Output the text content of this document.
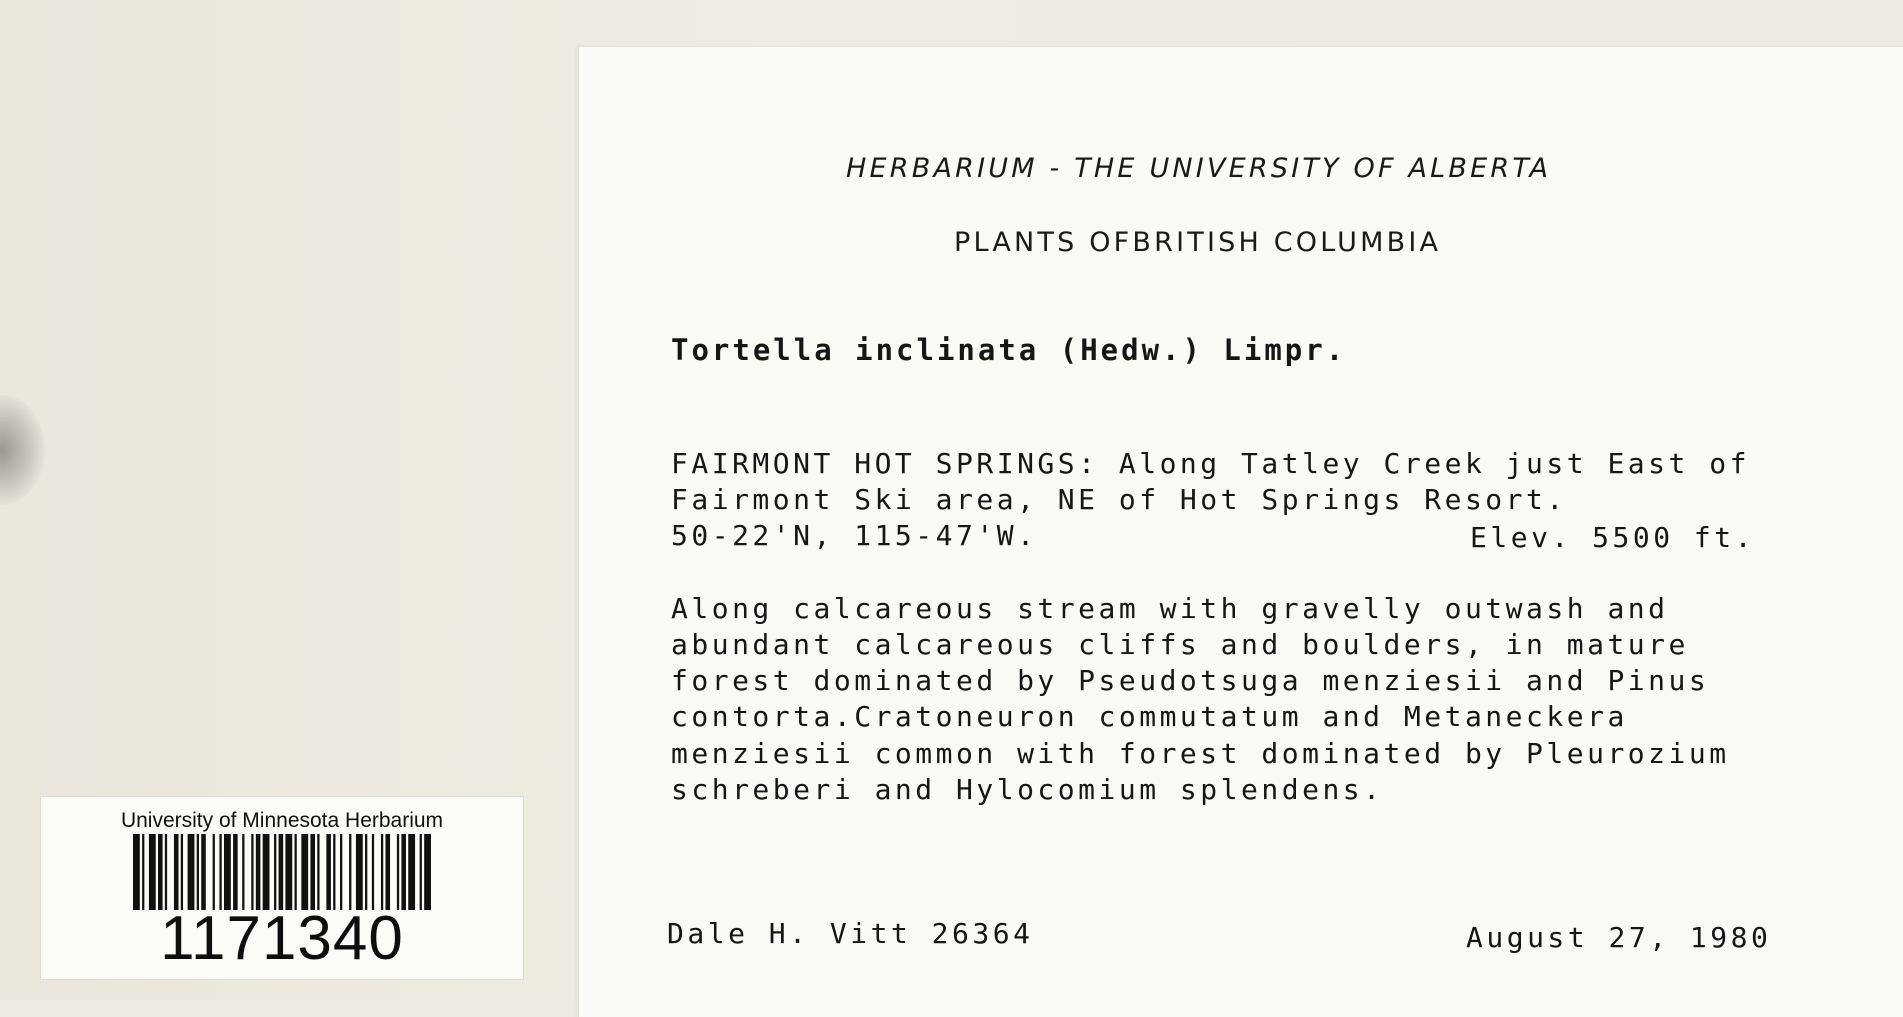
HERBARIUM - THE UNIVERSITY OF ALBERTA
PLANTS OFBRITISH COLUMBIA
Tortella inclinata (Hedw.) Limpr.
FAIRMONT HOT SPRINGS: Along Tatley Creek just East of
Fairmont Ski area, NE of Hot Springs Resort.
50-22'N, 115-47'W.	Elev. 5500 ft.
Along calcareous stream with gravelly outwash and
abundant calcareous cliffs and boulders, in mature
forest dominated by Pseudotsuga menziesii and Pinus
contorta.Cratoneuron commutatum and Metaneckera
menziesii common with forest dominated by Pleurozium
schreberi and Hylocomium splendens.
Dale H. Vitt 26364	August 27, 1980
University of Minnesota Herbarium
1171340
